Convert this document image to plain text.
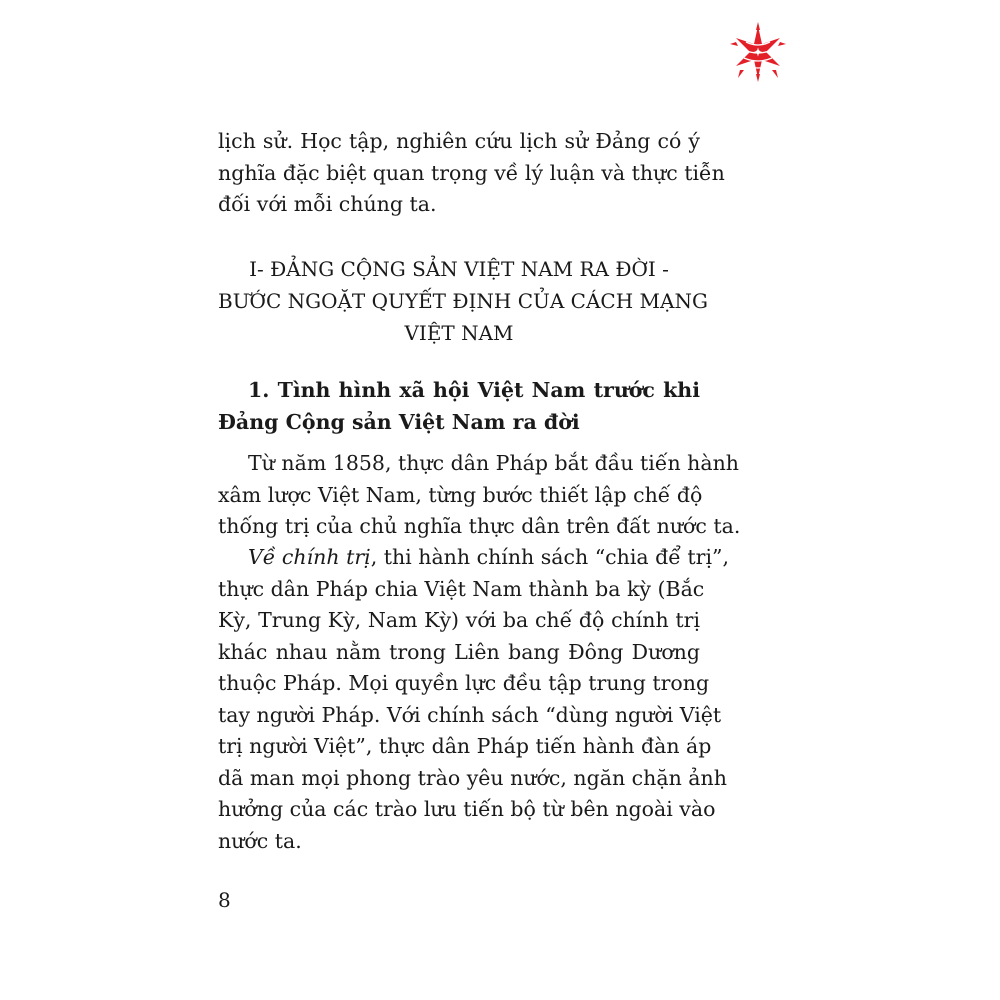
✦

lịch sử. Học tập, nghiên cứu lịch sử Đảng có ý

nghĩa đặc biệt quan trọng về lý luận và thực tiễn

đối với mỗi chúng ta.

I- ĐẢNG CỘNG SẢN VIỆT NAM RA ĐỜI -

BƯỚC NGOẶT QUYẾT ĐỊNH CỦA CÁCH MẠNG

VIỆT NAM

1. Tình hình xã hội Việt Nam trước khi

Đảng Cộng sản Việt Nam ra đời

Từ năm 1858, thực dân Pháp bắt đầu tiến hành

xâm lược Việt Nam, từng bước thiết lập chế độ

thống trị của chủ nghĩa thực dân trên đất nước ta.

Về chính trị, thi hành chính sách “chia để trị”,

thực dân Pháp chia Việt Nam thành ba kỳ (Bắc

Kỳ, Trung Kỳ, Nam Kỳ) với ba chế độ chính trị

khác nhau nằm trong Liên bang Đông Dương

thuộc Pháp. Mọi quyền lực đều tập trung trong

tay người Pháp. Với chính sách “dùng người Việt

trị người Việt”, thực dân Pháp tiến hành đàn áp

dã man mọi phong trào yêu nước, ngăn chặn ảnh

hưởng của các trào lưu tiến bộ từ bên ngoài vào

nước ta.

8
